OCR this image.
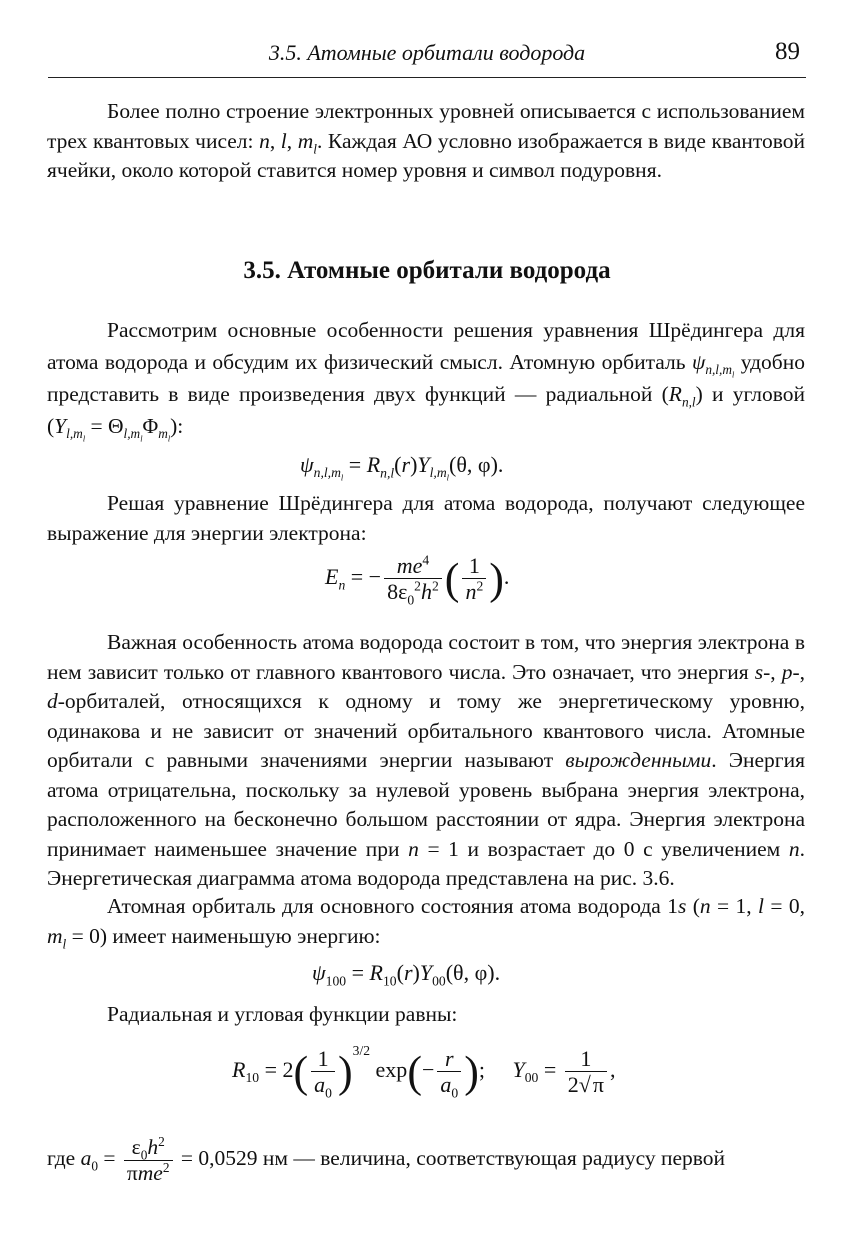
3.5. Атомные орбитали водорода	89

Более полно строение электронных уровней описывается с использованием трех квантовых чисел: n, l, $m_l$. Каждая АО условно изображается в виде квантовой ячейки, около которой ставится номер уровня и символ подуровня.

3.5. Атомные орбитали водорода

Рассмотрим основные особенности решения уравнения Шрёдингера для атома водорода и обсудим их физический смысл. Атомную орбиталь $\psi_{n,l,m_l}$ удобно представить в виде произведения двух функций — радиальной $(R_{n,l})$ и угловой $(Y_{l,m_l} = \Theta_{l,m_l}\Phi_{m_l})$:

$\psi_{n,l,m_l} = R_{n,l}(r)Y_{l,m_l}(\theta$, φ).

Решая уравнение Шрёдингера для атома водорода, получают следующее выражение для энергии электрона:

$E_n$ = − $\frac{me^4}{8\varepsilon_0^2h^2}$ ( $\frac{1}{n^2}$ ).

Важная особенность атома водорода состоит в том, что энергия электрона в нем зависит только от главного квантового числа. Это означает, что энергия s-, p-, d-орбиталей, относящихся к одному и тому же энергетическому уровню, одинакова и не зависит от значений орбитального квантового числа. Атомные орбитали с равными значениями энергии называют вырожденными. Энергия атома отрицательна, поскольку за нулевой уровень выбрана энергия электрона, расположенного на бесконечно большом расстоянии от ядра. Энергия электрона принимает наименьшее значение при n = 1 и возрастает до 0 с увеличением n. Энергетическая диаграмма атома водорода представлена на рис. 3.6.

Атомная орбиталь для основного состояния атома водорода 1s (n = 1, l = 0, $m_l = 0$) имеет наименьшую энергию:

$\psi_{100} = R_{10}(r)Y_{00}(\theta$, φ).

Радиальная и угловая функции равны:

$R_{10} = 2( \frac{1}{a_0} )^{3/2}$ $\exp(- \frac{r}{a_0}$ );     $Y_{00} = \frac{1}{2√\pi}$ ,

где $a_0 = \frac{\varepsilon_0h^2}{\pi me^2} = 0,0529$ нм — величина, соответствующая радиусу первой
